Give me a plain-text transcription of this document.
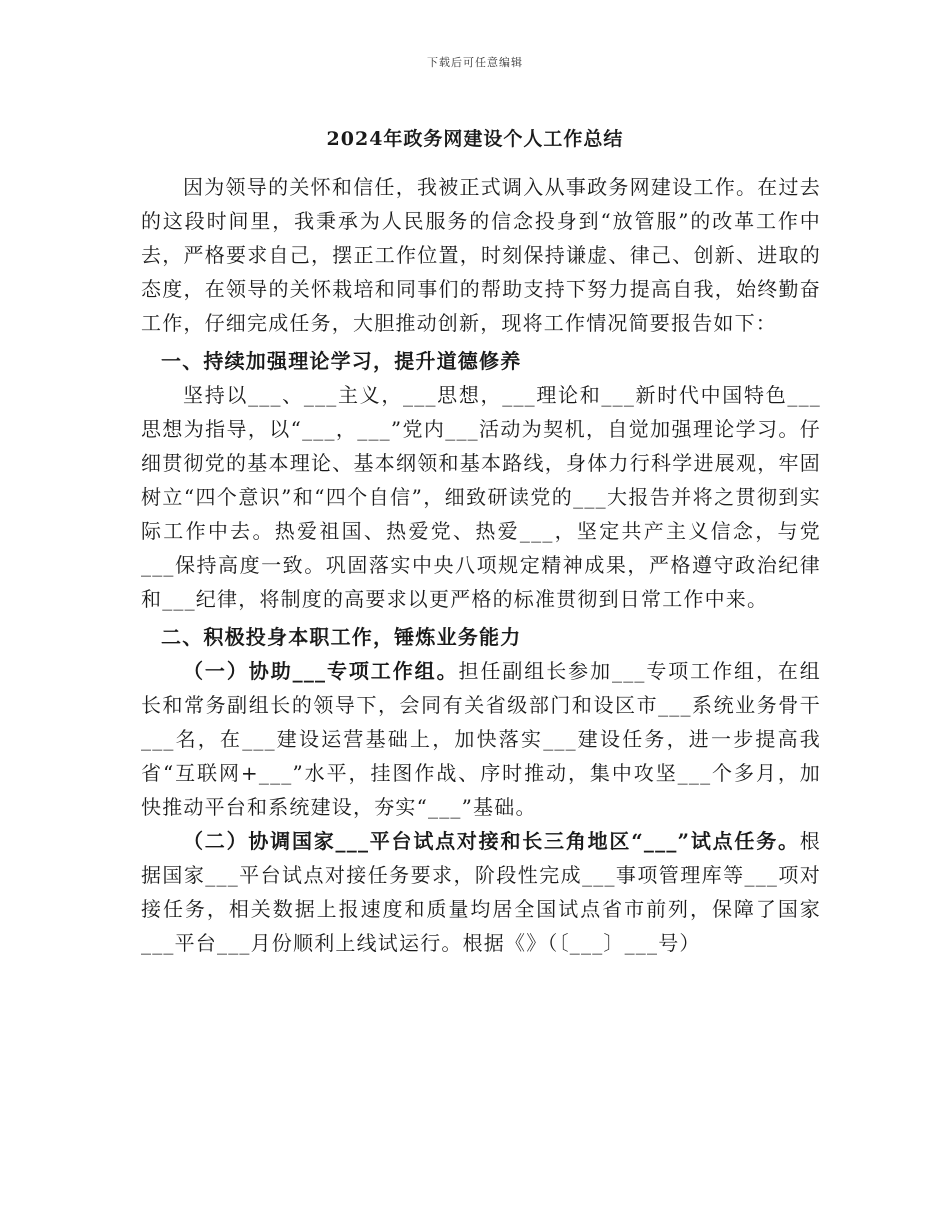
下载后可任意编辑
2024年政务网建设个人工作总结

因为领导的关怀和信任，我被正式调入从事政务网建设工作。在过去的这段时间里，我秉承为人民服务的信念投身到“放管服”的改革工作中去，严格要求自己，摆正工作位置，时刻保持谦虚、律己、创新、进取的态度，在领导的关怀栽培和同事们的帮助支持下努力提高自我，始终勤奋工作，仔细完成任务，大胆推动创新，现将工作情况简要报告如下：

一、持续加强理论学习，提升道德修养

坚持以___、___主义，___思想，___理论和___新时代中国特色___思想为指导，以“___，___”党内___活动为契机，自觉加强理论学习。仔细贯彻党的基本理论、基本纲领和基本路线，身体力行科学进展观，牢固树立“四个意识”和“四个自信”，细致研读党的___大报告并将之贯彻到实际工作中去。热爱祖国、热爱党、热爱___，坚定共产主义信念，与党___保持高度一致。巩固落实中央八项规定精神成果，严格遵守政治纪律和___纪律，将制度的高要求以更严格的标准贯彻到日常工作中来。

二、积极投身本职工作，锤炼业务能力

（一）协助___专项工作组。担任副组长参加___专项工作组，在组长和常务副组长的领导下，会同有关省级部门和设区市___系统业务骨干___名，在___建设运营基础上，加快落实___建设任务，进一步提高我省“互联网+___”水平，挂图作战、序时推动，集中攻坚___个多月，加快推动平台和系统建设，夯实“___”基础。

（二）协调国家___平台试点对接和长三角地区“___”试点任务。根据国家___平台试点对接任务要求，阶段性完成___事项管理库等___项对接任务，相关数据上报速度和质量均居全国试点省市前列，保障了国家___平台___月份顺利上线试运行。根据《》（〔___〕___号）
